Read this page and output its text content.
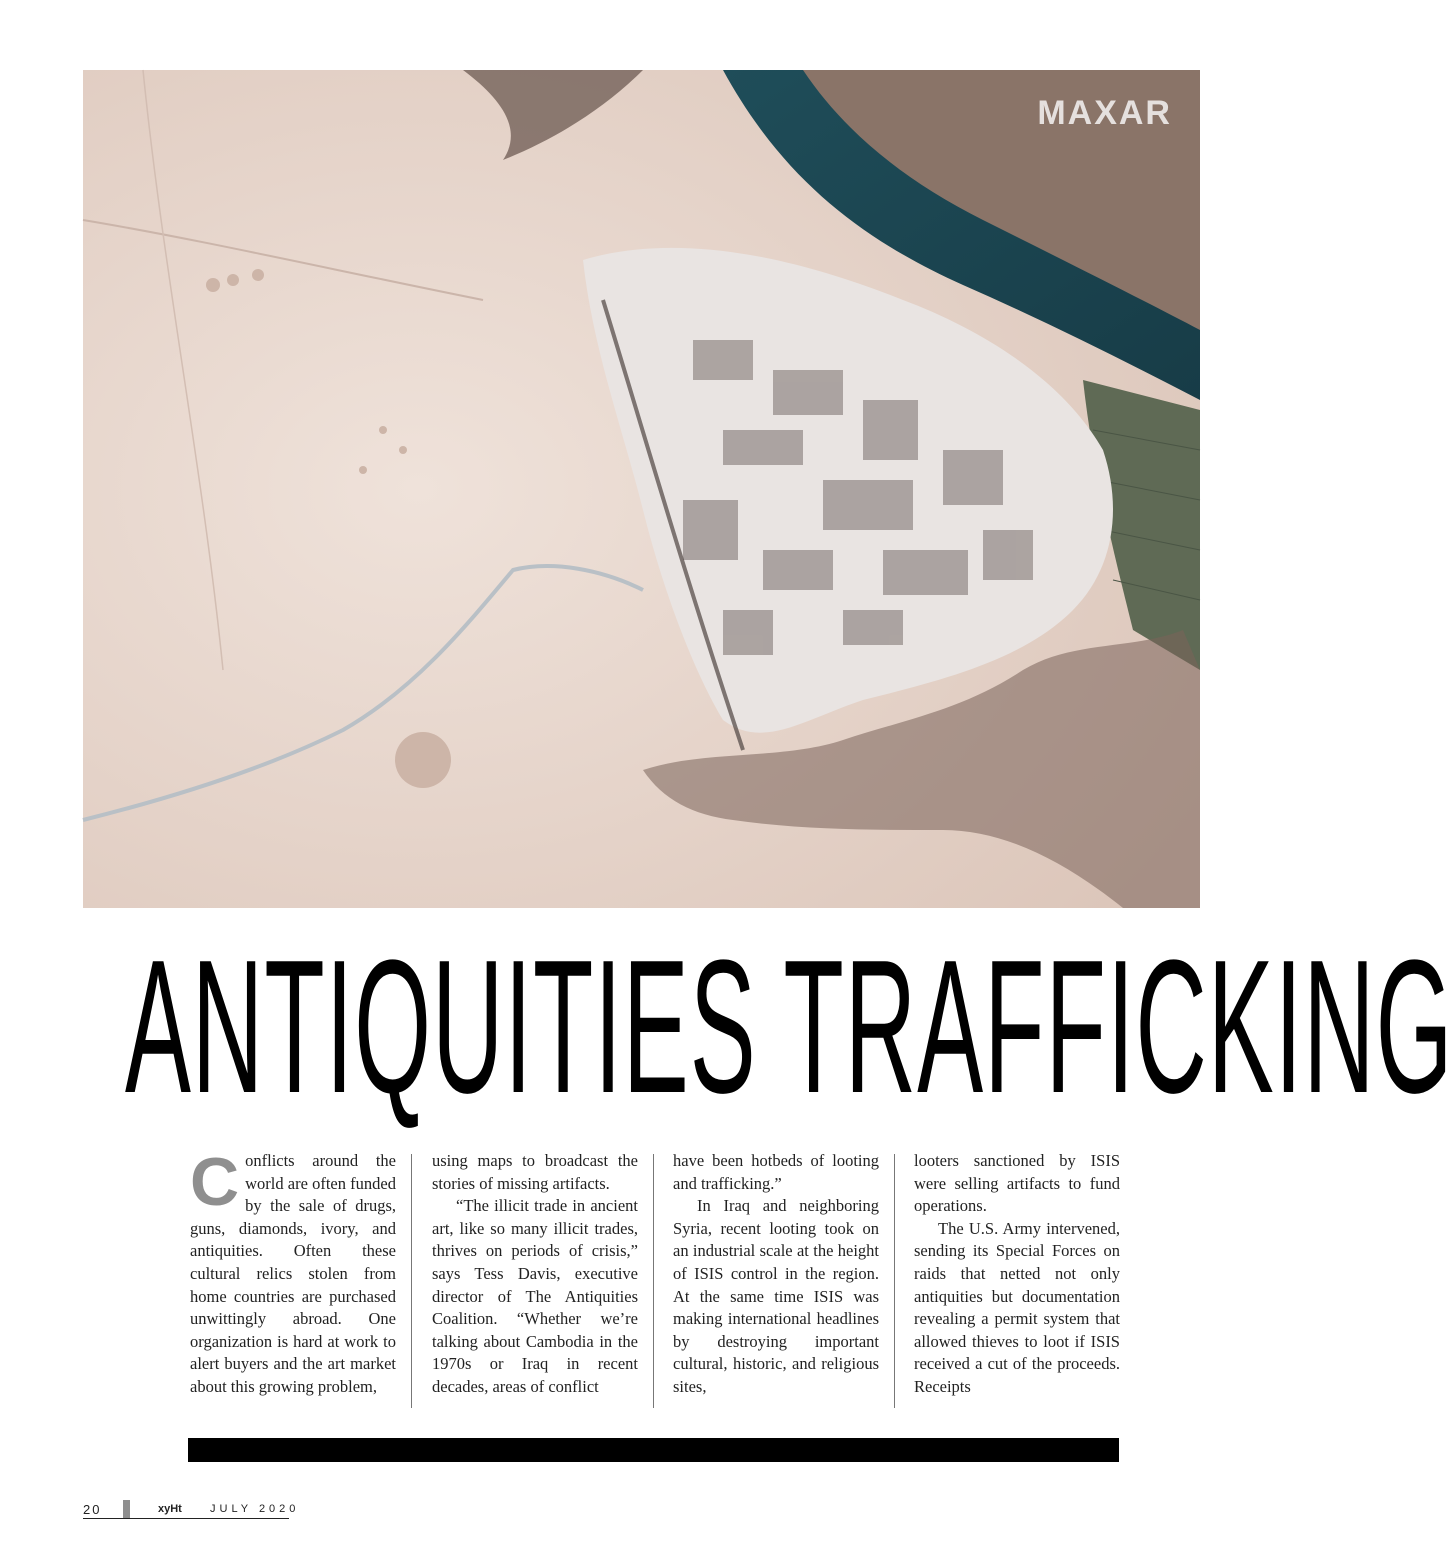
MAXAR
ANTIQUITIES TRAFFICKING

Conflicts around the world are often funded by the sale of drugs, guns, diamonds, ivory, and antiquities. Often these cultural relics stolen from home countries are purchased unwittingly abroad. One organization is hard at work to alert buyers and the art market about this growing problem,

using maps to broadcast the stories of missing artifacts.

“The illicit trade in ancient art, like so many illicit trades, thrives on periods of crisis,” says Tess Davis, executive director of The Antiquities Coalition. “Whether we’re talking about Cambodia in the 1970s or Iraq in recent decades, areas of conflict

have been hotbeds of looting and trafficking.”

In Iraq and neighboring Syria, recent looting took on an industrial scale at the height of ISIS control in the region. At the same time ISIS was making international headlines by destroying important cultural, historic, and religious sites,

looters sanctioned by ISIS were selling artifacts to fund operations.

The U.S. Army intervened, sending its Special Forces on raids that netted not only antiquities but documentation revealing a permit system that allowed thieves to loot if ISIS received a cut of the proceeds. Receipts

20	xyHt	JULY 2020
